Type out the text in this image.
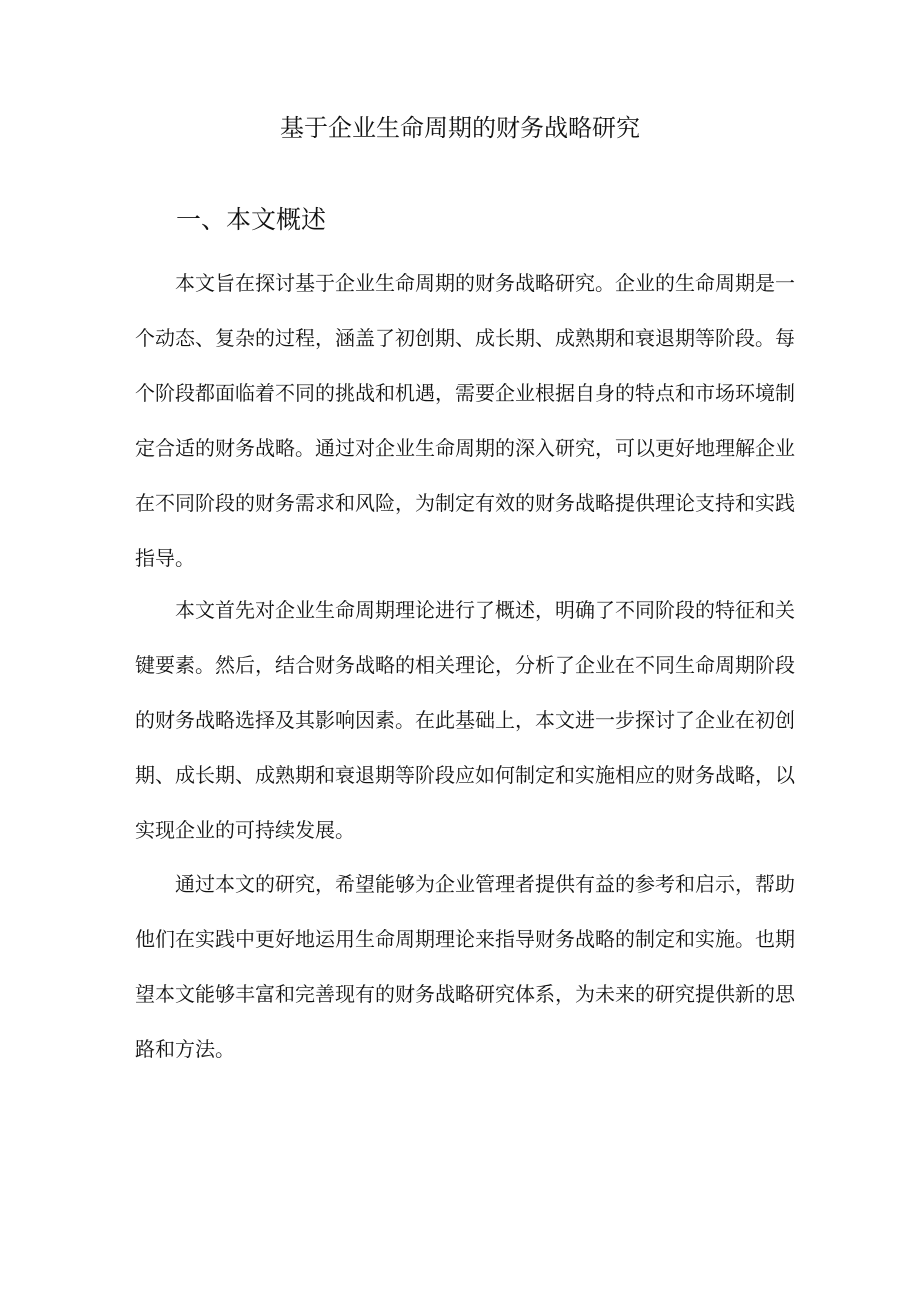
基于企业生命周期的财务战略研究
一、本文概述

本文旨在探讨基于企业生命周期的财务战略研究。企业的生命周期是一个动态、复杂的过程，涵盖了初创期、成长期、成熟期和衰退期等阶段。每个阶段都面临着不同的挑战和机遇，需要企业根据自身的特点和市场环境制定合适的财务战略。通过对企业生命周期的深入研究，可以更好地理解企业在不同阶段的财务需求和风险，为制定有效的财务战略提供理论支持和实践指导。

本文首先对企业生命周期理论进行了概述，明确了不同阶段的特征和关键要素。然后，结合财务战略的相关理论，分析了企业在不同生命周期阶段的财务战略选择及其影响因素。在此基础上，本文进一步探讨了企业在初创期、成长期、成熟期和衰退期等阶段应如何制定和实施相应的财务战略，以实现企业的可持续发展。

通过本文的研究，希望能够为企业管理者提供有益的参考和启示，帮助他们在实践中更好地运用生命周期理论来指导财务战略的制定和实施。也期望本文能够丰富和完善现有的财务战略研究体系，为未来的研究提供新的思路和方法。
